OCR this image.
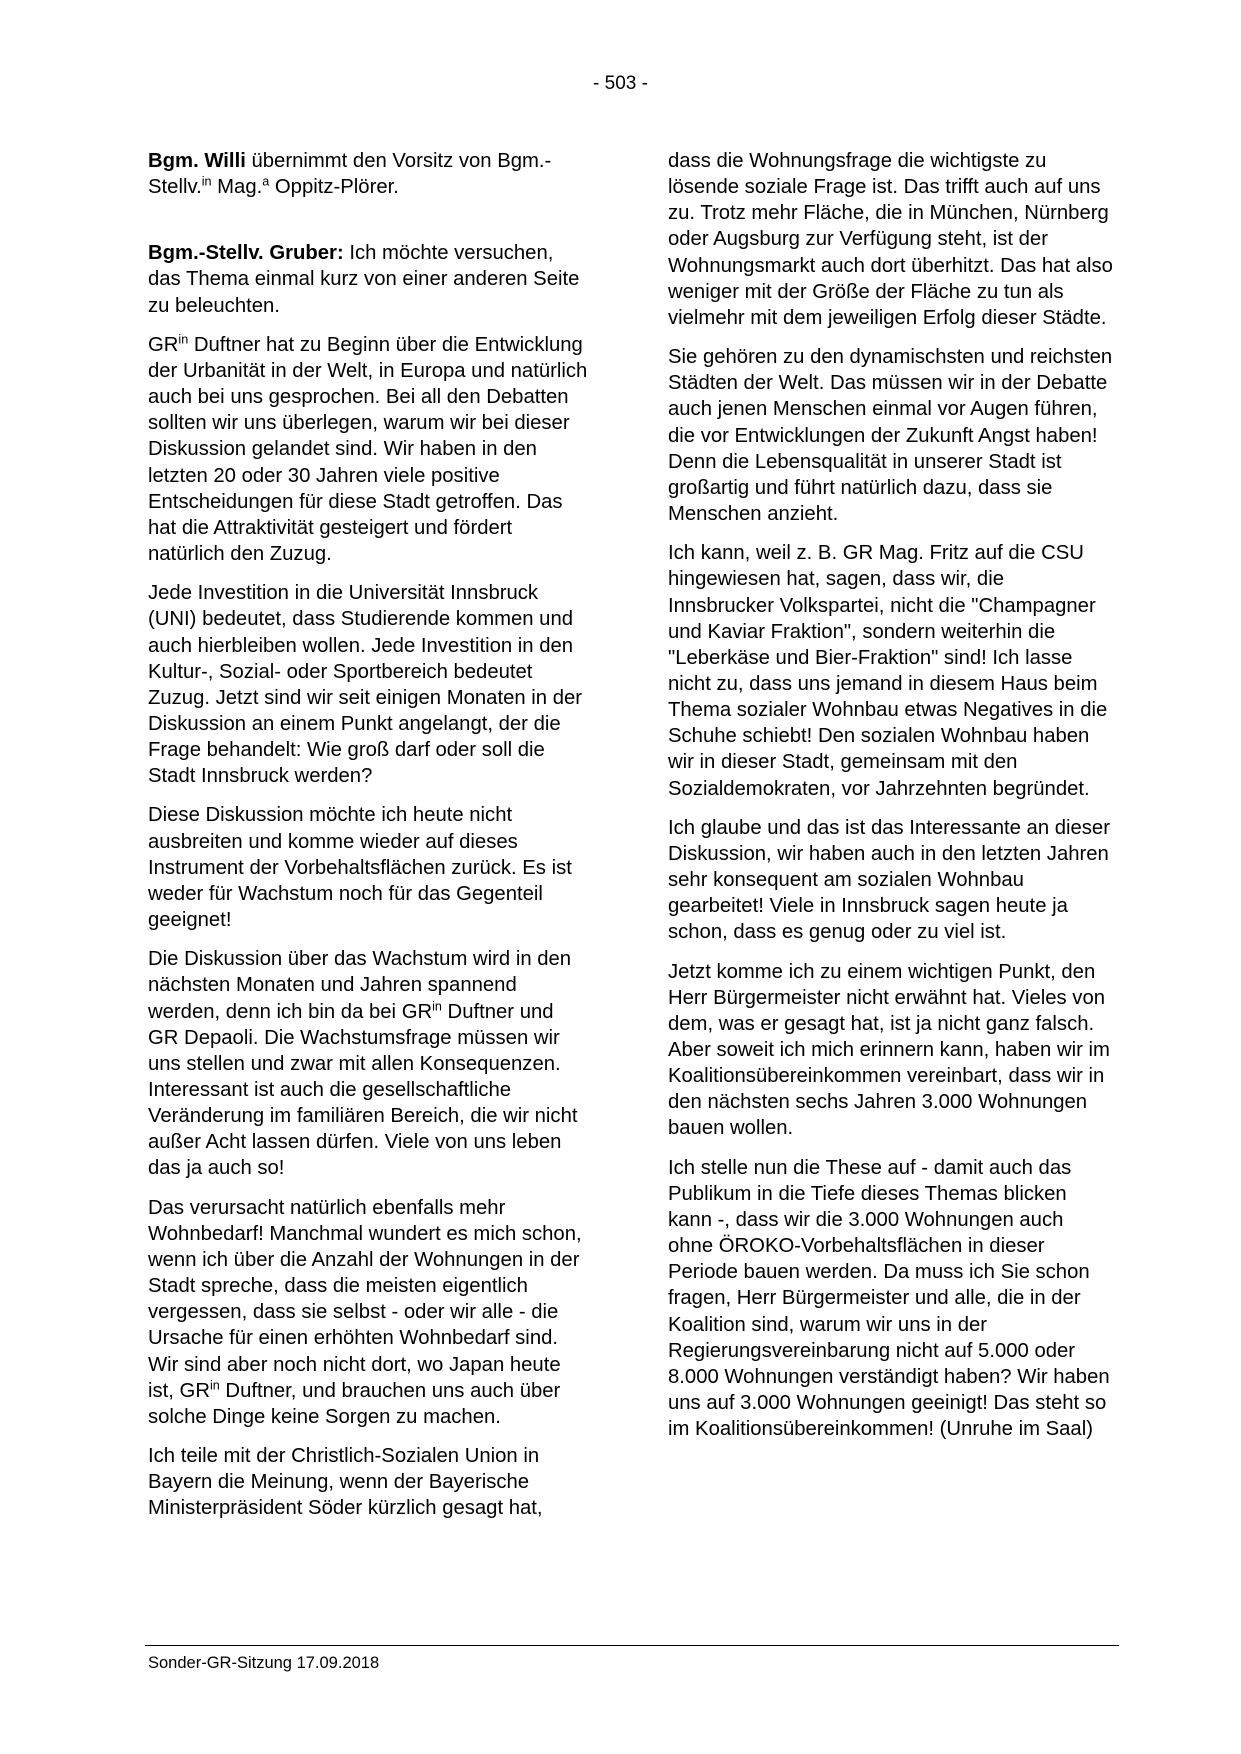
- 503 -

Bgm. Willi übernimmt den Vorsitz von Bgm.-Stellv.$^{in}$ Mag.$^a$ Oppitz-Plörer.

Bgm.-Stellv. Gruber: Ich möchte versuchen, das Thema einmal kurz von einer anderen Seite zu beleuchten.

$GR^{in}$ Duftner hat zu Beginn über die Entwicklung der Urbanität in der Welt, in Europa und natürlich auch bei uns gesprochen. Bei all den Debatten sollten wir uns überlegen, warum wir bei dieser Diskussion gelandet sind. Wir haben in den letzten 20 oder 30 Jahren viele positive Entscheidungen für diese Stadt getroffen. Das hat die Attraktivität gesteigert und fördert natürlich den Zuzug.

Jede Investition in die Universität Innsbruck (UNI) bedeutet, dass Studierende kommen und auch hierbleiben wollen. Jede Investition in den Kultur-, Sozial- oder Sportbereich bedeutet Zuzug. Jetzt sind wir seit einigen Monaten in der Diskussion an einem Punkt angelangt, der die Frage behandelt: Wie groß darf oder soll die Stadt Innsbruck werden?

Diese Diskussion möchte ich heute nicht ausbreiten und komme wieder auf dieses Instrument der Vorbehaltsflächen zurück. Es ist weder für Wachstum noch für das Gegenteil geeignet!

Die Diskussion über das Wachstum wird in den nächsten Monaten und Jahren spannend werden, denn ich bin da bei $GR^{in}$ Duftner und GR Depaoli. Die Wachstumsfrage müssen wir uns stellen und zwar mit allen Konsequenzen. Interessant ist auch die gesellschaftliche Veränderung im familiären Bereich, die wir nicht außer Acht lassen dürfen. Viele von uns leben das ja auch so!

Das verursacht natürlich ebenfalls mehr Wohnbedarf! Manchmal wundert es mich schon, wenn ich über die Anzahl der Wohnungen in der Stadt spreche, dass die meisten eigentlich vergessen, dass sie selbst - oder wir alle - die Ursache für einen erhöhten Wohnbedarf sind. Wir sind aber noch nicht dort, wo Japan heute ist, $GR^{in}$ Duftner, und brauchen uns auch über solche Dinge keine Sorgen zu machen.

Ich teile mit der Christlich-Sozialen Union in Bayern die Meinung, wenn der Bayerische Ministerpräsident Söder kürzlich gesagt hat,

dass die Wohnungsfrage die wichtigste zu lösende soziale Frage ist. Das trifft auch auf uns zu. Trotz mehr Fläche, die in München, Nürnberg oder Augsburg zur Verfügung steht, ist der Wohnungsmarkt auch dort überhitzt. Das hat also weniger mit der Größe der Fläche zu tun als vielmehr mit dem jeweiligen Erfolg dieser Städte.

Sie gehören zu den dynamischsten und reichsten Städten der Welt. Das müssen wir in der Debatte auch jenen Menschen einmal vor Augen führen, die vor Entwicklungen der Zukunft Angst haben! Denn die Lebensqualität in unserer Stadt ist großartig und führt natürlich dazu, dass sie Menschen anzieht.

Ich kann, weil z. B. GR Mag. Fritz auf die CSU hingewiesen hat, sagen, dass wir, die Innsbrucker Volkspartei, nicht die "Champagner und Kaviar Fraktion", sondern weiterhin die "Leberkäse und Bier-Fraktion" sind! Ich lasse nicht zu, dass uns jemand in diesem Haus beim Thema sozialer Wohnbau etwas Negatives in die Schuhe schiebt! Den sozialen Wohnbau haben wir in dieser Stadt, gemeinsam mit den Sozialdemokraten, vor Jahrzehnten begründet.

Ich glaube und das ist das Interessante an dieser Diskussion, wir haben auch in den letzten Jahren sehr konsequent am sozialen Wohnbau gearbeitet! Viele in Innsbruck sagen heute ja schon, dass es genug oder zu viel ist.

Jetzt komme ich zu einem wichtigen Punkt, den Herr Bürgermeister nicht erwähnt hat. Vieles von dem, was er gesagt hat, ist ja nicht ganz falsch. Aber soweit ich mich erinnern kann, haben wir im Koalitionsübereinkommen vereinbart, dass wir in den nächsten sechs Jahren 3.000 Wohnungen bauen wollen.

Ich stelle nun die These auf - damit auch das Publikum in die Tiefe dieses Themas blicken kann -, dass wir die 3.000 Wohnungen auch ohne ÖROKO-Vorbehaltsflächen in dieser Periode bauen werden. Da muss ich Sie schon fragen, Herr Bürgermeister und alle, die in der Koalition sind, warum wir uns in der Regierungsvereinbarung nicht auf 5.000 oder 8.000 Wohnungen verständigt haben? Wir haben uns auf 3.000 Wohnungen geeinigt! Das steht so im Koalitionsübereinkommen! (Unruhe im Saal)

Sonder-GR-Sitzung 17.09.2018
